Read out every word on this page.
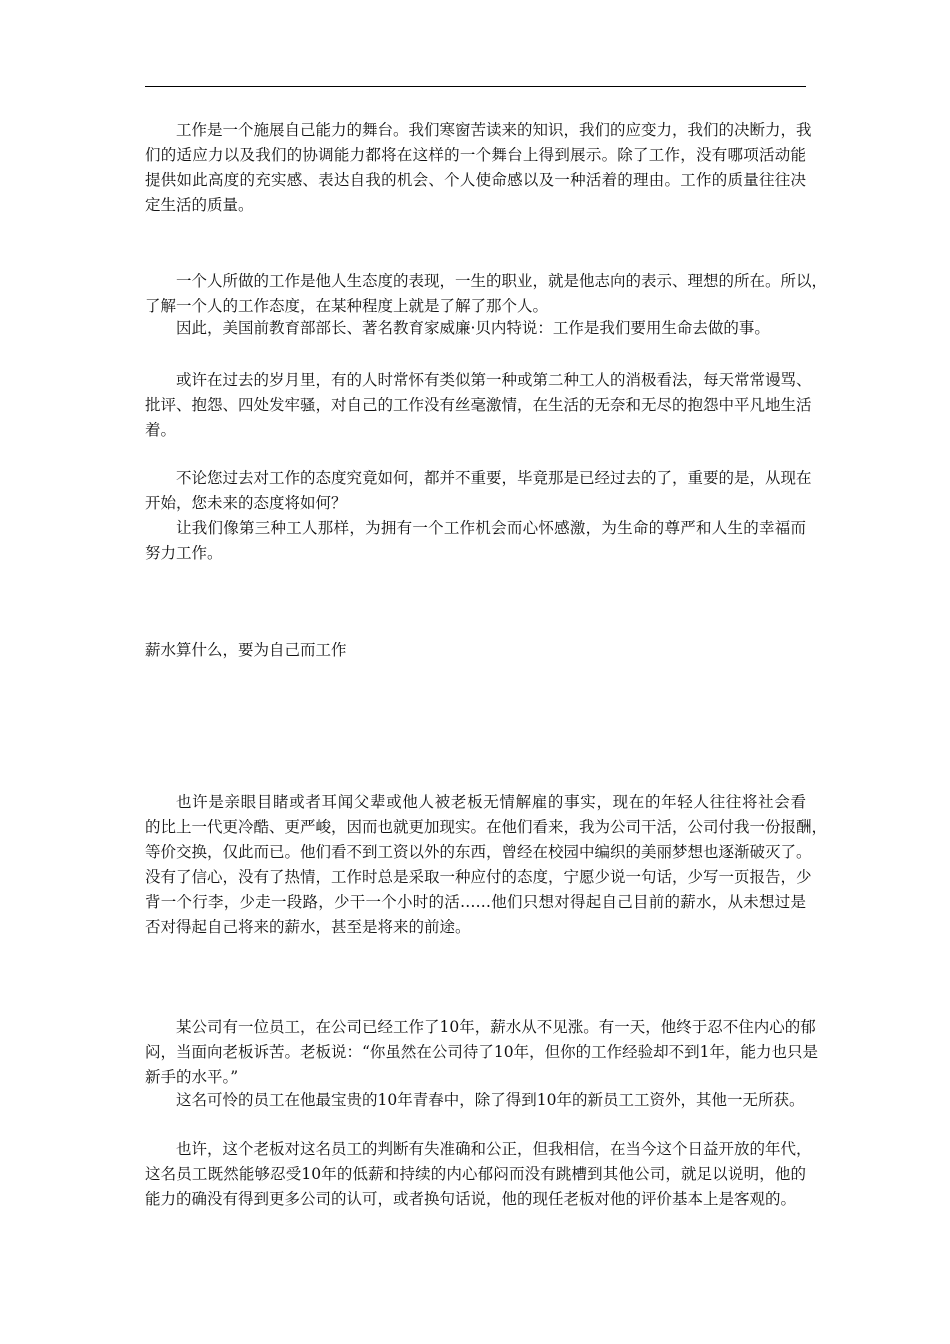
工作是一个施展自己能力的舞台。我们寒窗苦读来的知识，我们的应变力，我们的决断力，我
们的适应力以及我们的协调能力都将在这样的一个舞台上得到展示。除了工作，没有哪项活动能
提供如此高度的充实感、表达自我的机会、个人使命感以及一种活着的理由。工作的质量往往决
定生活的质量。
一个人所做的工作是他人生态度的表现，一生的职业，就是他志向的表示、理想的所在。所以，
了解一个人的工作态度，在某种程度上就是了解了那个人。
因此，美国前教育部部长、著名教育家威廉·贝内特说：工作是我们要用生命去做的事。
或许在过去的岁月里，有的人时常怀有类似第一种或第二种工人的消极看法，每天常常谩骂、
批评、抱怨、四处发牢骚，对自己的工作没有丝毫激情，在生活的无奈和无尽的抱怨中平凡地生活
着。
不论您过去对工作的态度究竟如何，都并不重要，毕竟那是已经过去的了，重要的是，从现在
开始，您未来的态度将如何？
让我们像第三种工人那样，为拥有一个工作机会而心怀感激，为生命的尊严和人生的幸福而
努力工作。
也许是亲眼目睹或者耳闻父辈或他人被老板无情解雇的事实，现在的年轻人往往将社会看
的比上一代更冷酷、更严峻，因而也就更加现实。在他们看来，我为公司干活，公司付我一份报酬，
等价交换，仅此而已。他们看不到工资以外的东西，曾经在校园中编织的美丽梦想也逐渐破灭了。
没有了信心，没有了热情，工作时总是采取一种应付的态度，宁愿少说一句话，少写一页报告，少
背一个行李，少走一段路，少干一个小时的活……他们只想对得起自己目前的薪水，从未想过是
否对得起自己将来的薪水，甚至是将来的前途。
某公司有一位员工，在公司已经工作了10年，薪水从不见涨。有一天，他终于忍不住内心的郁
闷，当面向老板诉苦。老板说：“你虽然在公司待了10年，但你的工作经验却不到1年，能力也只是
新手的水平。”
这名可怜的员工在他最宝贵的10年青春中，除了得到10年的新员工工资外，其他一无所获。
也许，这个老板对这名员工的判断有失准确和公正，但我相信，在当今这个日益开放的年代，
这名员工既然能够忍受10年的低薪和持续的内心郁闷而没有跳槽到其他公司，就足以说明，他的
能力的确没有得到更多公司的认可，或者换句话说，他的现任老板对他的评价基本上是客观的。
薪水算什么，要为自己而工作
